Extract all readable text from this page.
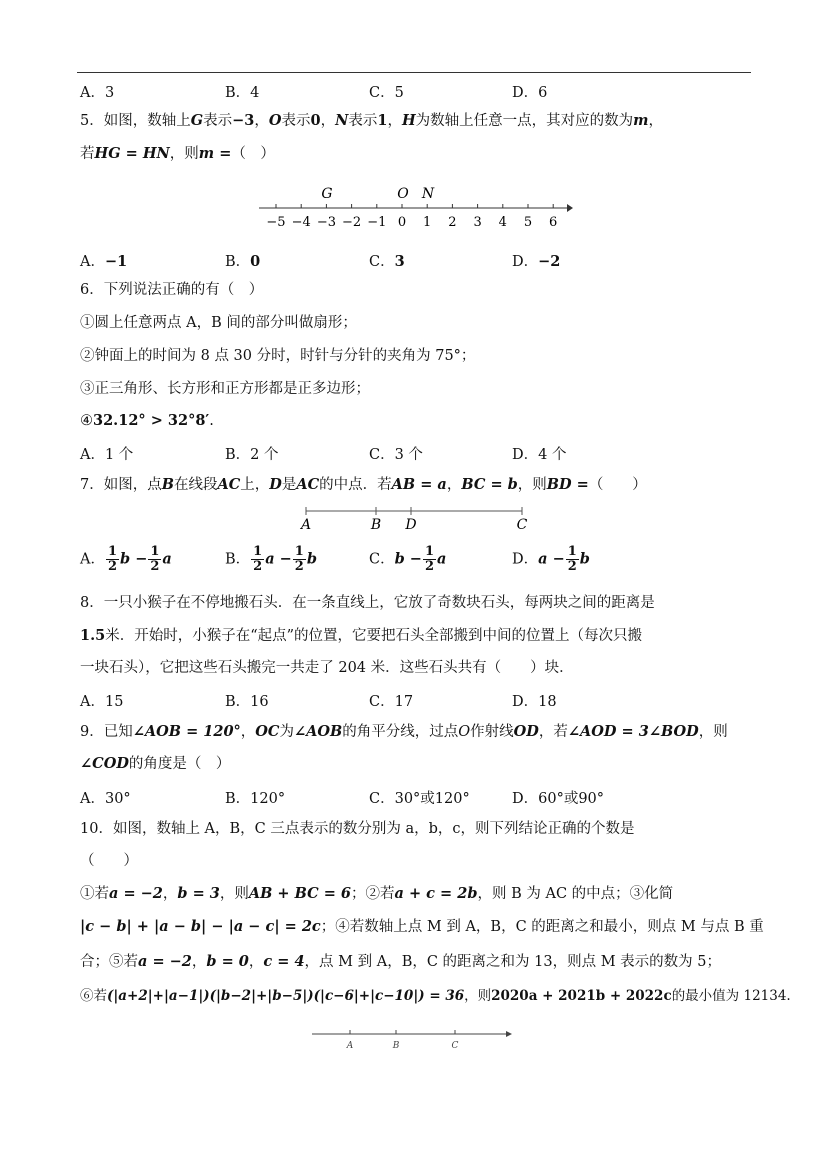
A．3	B．4	C．5	D．6
5．如图，数轴上G表示−3，O表示0，N表示1，H为数轴上任意一点，其对应的数为m，
若HG = HN，则m =（　）
−5 −4 −3 −2 −1 0 1 2 3 4 5 6
G	O N
A．−1	B．0	C．3	D．−2
6．下列说法正确的有（　）
①圆上任意两点 A，B 间的部分叫做扇形；
②钟面上的时间为 8 点 30 分时，时针与分针的夹角为 75°；
③正三角形、长方形和正方形都是正多边形；
④32.12° > 32°8′.
A．1 个	B．2 个	C．3 个	D．4 个
7．如图，点B在线段AC上，D是AC的中点．若AB = a，BC = b，则BD =（　　）
A	B D	C
A． $\frac{1}{2}$ $b - \frac{1}{2}$ a	B． $\frac{1}{2}$ $a - \frac{1}{2}$ b	C．$b - \frac{1}{2}$ a	D．$a - \frac{1}{2}$ b
8．一只小猴子在不停地搬石头．在一条直线上，它放了奇数块石头，每两块之间的距离是
1.5米．开始时，小猴子在“起点”的位置，它要把石头全部搬到中间的位置上（每次只搬
一块石头），它把这些石头搬完一共走了 204 米．这些石头共有（　　）块．
A．15	B．16	C．17	D．18
9．已知∠AOB = 120°，OC为∠AOB的角平分线，过点O作射线OD，若∠AOD = 3∠BOD，则
∠COD的角度是（　）
A．30°	B．120°	C．30°或120°	D．60°或90°
10．如图，数轴上 A，B，C 三点表示的数分别为 a，b，c，则下列结论正确的个数是
（　　）
①若a = −2，b = 3，则AB + BC = 6；②若a + c = 2b，则 B 为 AC 的中点；③化简
|c − b| + |a − b| − |a − c| = 2c；④若数轴上点 M 到 A，B，C 的距离之和最小，则点 M 与点 B 重
合；⑤若a = −2，b = 0，c = 4，点 M 到 A，B，C 的距离之和为 13，则点 M 表示的数为 5；
⑥若(|a+2|+|a−1|)(|b−2|+|b−5|)(|c−6|+|c−10|) = 36，则2020a + 2021b + 2022c的最小值为 12134.
A	B	C
